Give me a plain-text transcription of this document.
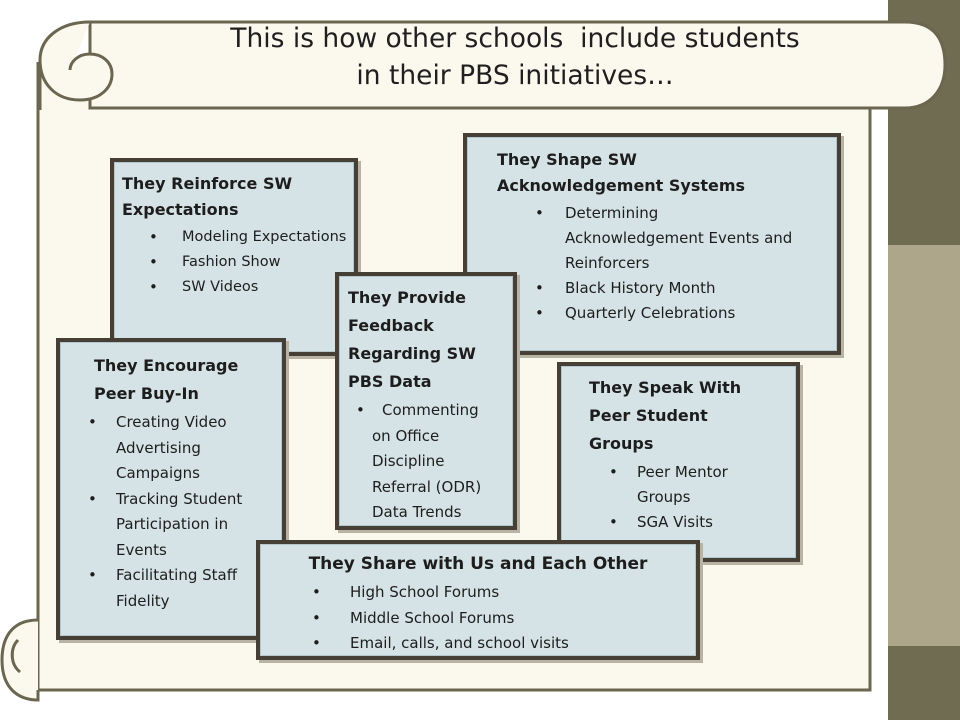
This is how other schools  include students
in their PBS initiatives…
They Reinforce SW
Expectations
• Modeling Expectations
• Fashion Show
• SW Videos
They Shape SW
Acknowledgement Systems
• Determining Acknowledgement Events and Reinforcers
• Black History Month
• Quarterly Celebrations
They Encourage
Peer Buy-In
• Creating Video Advertising Campaigns
• Tracking Student Participation in Events
• Facilitating Staff Fidelity
They Speak With
Peer Student
Groups
• Peer Mentor Groups
• SGA Visits
They Provide
Feedback
Regarding SW
PBS Data
• Commenting on Office Discipline Referral (ODR) Data Trends
They Share with Us and Each Other
• High School Forums
• Middle School Forums
• Email, calls, and school visits
